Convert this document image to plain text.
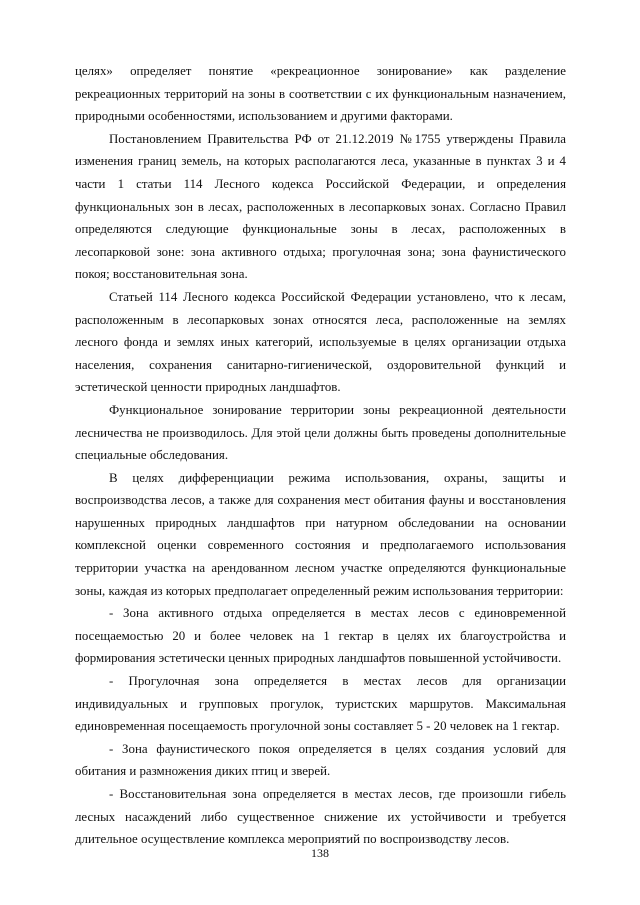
целях» определяет понятие «рекреационное зонирование» как разделение рекреационных территорий на зоны в соответствии с их функциональным назначением, природными особенностями, использованием и другими факторами.

Постановлением Правительства РФ от 21.12.2019 №1755 утверждены Правила изменения границ земель, на которых располагаются леса, указанные в пунктах 3 и 4 части 1 статьи 114 Лесного кодекса Российской Федерации, и определения функциональных зон в лесах, расположенных в лесопарковых зонах. Согласно Правил определяются следующие функциональные зоны в лесах, расположенных в лесопарковой зоне: зона активного отдыха; прогулочная зона; зона фаунистического покоя; восстановительная зона.

Статьей 114 Лесного кодекса Российской Федерации установлено, что к лесам, расположенным в лесопарковых зонах относятся леса, расположенные на землях лесного фонда и землях иных категорий, используемые в целях организации отдыха населения, сохранения санитарно-гигиенической, оздоровительной функций и эстетической ценности природных ландшафтов.

Функциональное зонирование территории зоны рекреационной деятельности лесничества не производилось. Для этой цели должны быть проведены дополнительные специальные обследования.

В целях дифференциации режима использования, охраны, защиты и воспроизводства лесов, а также для сохранения мест обитания фауны и восстановления нарушенных природных ландшафтов при натурном обследовании на основании комплексной оценки современного состояния и предполагаемого использования территории участка на арендованном лесном участке определяются функциональные зоны, каждая из которых предполагает определенный режим использования территории:

- Зона активного отдыха определяется в местах лесов с единовременной посещаемостью 20 и более человек на 1 гектар в целях их благоустройства и формирования эстетически ценных природных ландшафтов повышенной устойчивости.

- Прогулочная зона определяется в местах лесов для организации индивидуальных и групповых прогулок, туристских маршрутов. Максимальная единовременная посещаемость прогулочной зоны составляет 5 - 20 человек на 1 гектар.

- Зона фаунистического покоя определяется в целях создания условий для обитания и размножения диких птиц и зверей.

- Восстановительная зона определяется в местах лесов, где произошли гибель лесных насаждений либо существенное снижение их устойчивости и требуется длительное осуществление комплекса мероприятий по воспроизводству лесов.

138
